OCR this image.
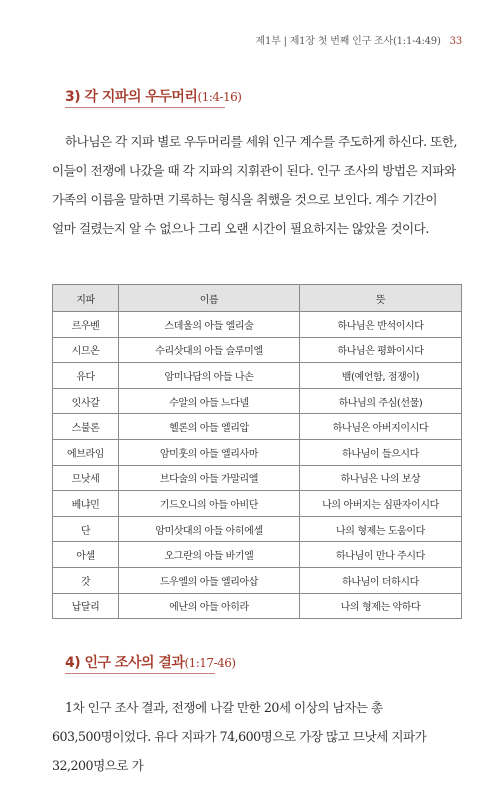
제1부 | 제1장 첫 번째 인구 조사(1:1-4:49) 33
3) 각 지파의 우두머리(1:4-16)

하나님은 각 지파 별로 우두머리를 세워 인구 계수를 주도하게 하신다. 또한, 이들이 전쟁에 나갔을 때 각 지파의 지휘관이 된다. 인구 조사의 방법은 지파와 가족의 이름을 말하면 기록하는 형식을 취했을 것으로 보인다. 계수 기간이 얼마 걸렸는지 알 수 없으나 그리 오랜 시간이 필요하지는 않았을 것이다.

지파	이름	뜻
르우벤	스데울의 아들 엘리술	하나님은 반석이시다
시므온	수리삿대의 아들 슬루미엘	하나님은 평화이시다
유다	암미나답의 아들 나손	뱀(예언함, 점쟁이)
잇사갈	수알의 아들 느다넬	하나님의 주심(선물)
스불론	헬론의 아들 엘리압	하나님은 아버지이시다
에브라임	암미훗의 아들 엘리사마	하나님이 들으시다
므낫세	브다술의 아들 가말리엘	하나님은 나의 보상
베냐민	기드오니의 아들 아비단	나의 아버지는 심판자이시다
단	암미삿대의 아들 아히에셀	나의 형제는 도움이다
아셀	오그란의 아들 바기엘	하나님이 만나 주시다
갓	드우엘의 아들 엘리아삽	하나님이 더하시다
납달리	에난의 아들 아히라	나의 형제는 악하다
4) 인구 조사의 결과(1:17-46)

1차 인구 조사 결과, 전쟁에 나갈 만한 20세 이상의 남자는 총 603,500명이었다. 유다 지파가 74,600명으로 가장 많고 므낫세 지파가 32,200명으로 가
